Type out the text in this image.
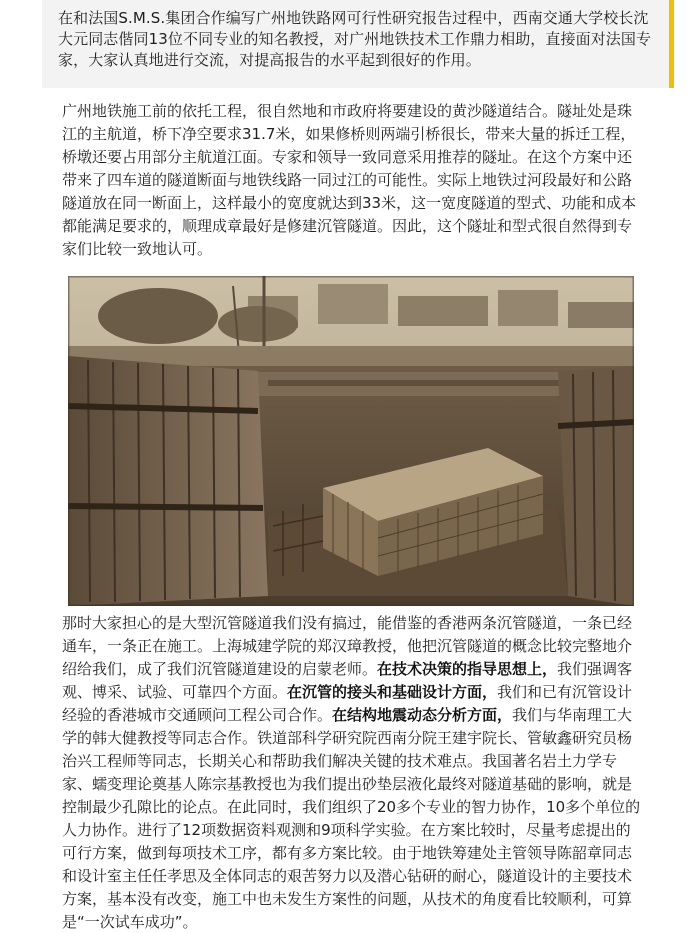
在和法国S.M.S.集团合作编写广州地铁路网可行性研究报告过程中，西南交通大学校长沈大元同志偕同13位不同专业的知名教授，对广州地铁技术工作鼎力相助，直接面对法国专家，大家认真地进行交流，对提高报告的水平起到很好的作用。

广州地铁施工前的依托工程，很自然地和市政府将要建设的黄沙隧道结合。隧址处是珠江的主航道，桥下净空要求31.7米，如果修桥则两端引桥很长，带来大量的拆迁工程，桥墩还要占用部分主航道江面。专家和领导一致同意采用推荐的隧址。在这个方案中还带来了四车道的隧道断面与地铁线路一同过江的可能性。实际上地铁过河段最好和公路隧道放在同一断面上，这样最小的宽度就达到33米，这一宽度隧道的型式、功能和成本都能满足要求的，顺理成章最好是修建沉管隧道。因此，这个隧址和型式很自然得到专家们比较一致地认可。

那时大家担心的是大型沉管隧道我们没有搞过，能借鉴的香港两条沉管隧道，一条已经通车，一条正在施工。上海城建学院的郑汉璋教授，他把沉管隧道的概念比较完整地介绍给我们，成了我们沉管隧道建设的启蒙老师。在技术决策的指导思想上，我们强调客观、博采、试验、可靠四个方面。在沉管的接头和基础设计方面，我们和已有沉管设计经验的香港城市交通顾问工程公司合作。在结构地震动态分析方面，我们与华南理工大学的韩大健教授等同志合作。铁道部科学研究院西南分院王建宇院长、管敏鑫研究员杨治兴工程师等同志，长期关心和帮助我们解决关键的技术难点。我国著名岩土力学专家、蠕变理论奠基人陈宗基教授也为我们提出砂垫层液化最终对隧道基础的影响，就是控制最少孔隙比的论点。在此同时，我们组织了20多个专业的智力协作，10多个单位的人力协作。进行了12项数据资料观测和9项科学实验。在方案比较时，尽量考虑提出的可行方案，做到每项技术工序，都有多方案比较。由于地铁筹建处主管领导陈韶章同志和设计室主任任孝思及全体同志的艰苦努力以及潜心钻研的耐心，隧道设计的主要技术方案，基本没有改变，施工中也未发生方案性的问题，从技术的角度看比较顺利，可算是“一次试车成功”。
